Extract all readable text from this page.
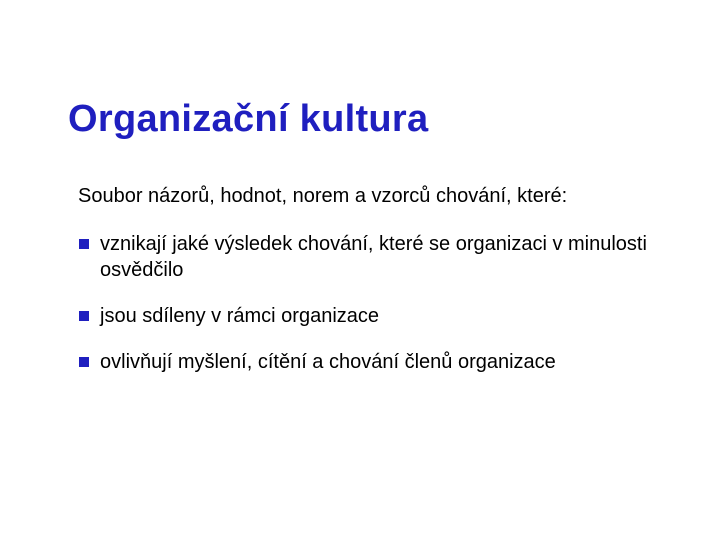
Organizační kultura

Soubor názorů, hodnot, norem a vzorců chování, které:

vznikají jaké výsledek chování, které se organizaci v minulosti osvědčilo
jsou sdíleny v rámci organizace
ovlivňují myšlení, cítění a chování členů organizace
